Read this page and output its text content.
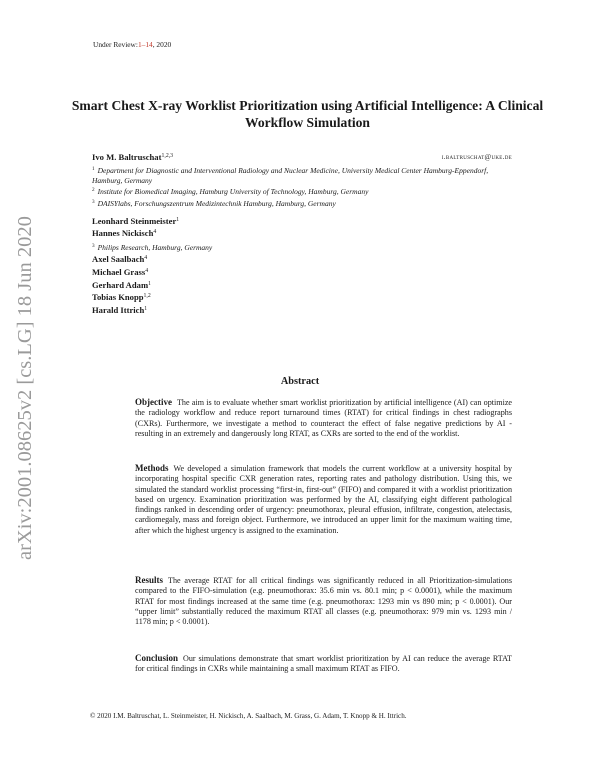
Under Review:1–14, 2020
arXiv:2001.08625v2 [cs.LG] 18 Jun 2020
Smart Chest X-ray Worklist Prioritization using Artificial Intelligence: A Clinical Workflow Simulation
Ivo M. Baltruschat$^{1,2,3}$	i.baltruschat@uke.de
$^1$ Department for Diagnostic and Interventional Radiology and Nuclear Medicine, University Medical Center Hamburg-Eppendorf, Hamburg, Germany
$^2$ Institute for Biomedical Imaging, Hamburg University of Technology, Hamburg, Germany
$^3$ DAISYlabs, Forschungszentrum Medizintechnik Hamburg, Hamburg, Germany
Leonhard Steinmeister$^1$
Hannes Nickisch$^4$
$^3$ Philips Research, Hamburg, Germany
Axel Saalbach$^4$
Michael Grass$^4$
Gerhard Adam$^1$
Tobias Knopp$^{1,2}$
Harald Ittrich$^1$
Abstract
Objective The aim is to evaluate whether smart worklist prioritization by artificial intelligence (AI) can optimize the radiology workflow and reduce report turnaround times (RTAT) for critical findings in chest radiographs (CXRs). Furthermore, we investigate a method to counteract the effect of false negative predictions by AI - resulting in an extremely and dangerously long RTAT, as CXRs are sorted to the end of the worklist.
Methods We developed a simulation framework that models the current workflow at a university hospital by incorporating hospital specific CXR generation rates, reporting rates and pathology distribution. Using this, we simulated the standard worklist processing “first-in, first-out” (FIFO) and compared it with a worklist prioritization based on urgency. Examination prioritization was performed by the AI, classifying eight different pathological findings ranked in descending order of urgency: pneumothorax, pleural effusion, infiltrate, congestion, atelectasis, cardiomegaly, mass and foreign object. Furthermore, we introduced an upper limit for the maximum waiting time, after which the highest urgency is assigned to the examination.
Results The average RTAT for all critical findings was significantly reduced in all Prioritization-simulations compared to the FIFO-simulation (e.g. pneumothorax: 35.6 min vs. 80.1 min; p < 0.0001), while the maximum RTAT for most findings increased at the same time (e.g. pneumothorax: 1293 min vs 890 min; p < 0.0001). Our “upper limit” substantially reduced the maximum RTAT all classes (e.g. pneumothorax: 979 min vs. 1293 min / 1178 min; p < 0.0001).
Conclusion Our simulations demonstrate that smart worklist prioritization by AI can reduce the average RTAT for critical findings in CXRs while maintaining a small maximum RTAT as FIFO.
© 2020 I.M. Baltruschat, L. Steinmeister, H. Nickisch, A. Saalbach, M. Grass, G. Adam, T. Knopp & H. Ittrich.
